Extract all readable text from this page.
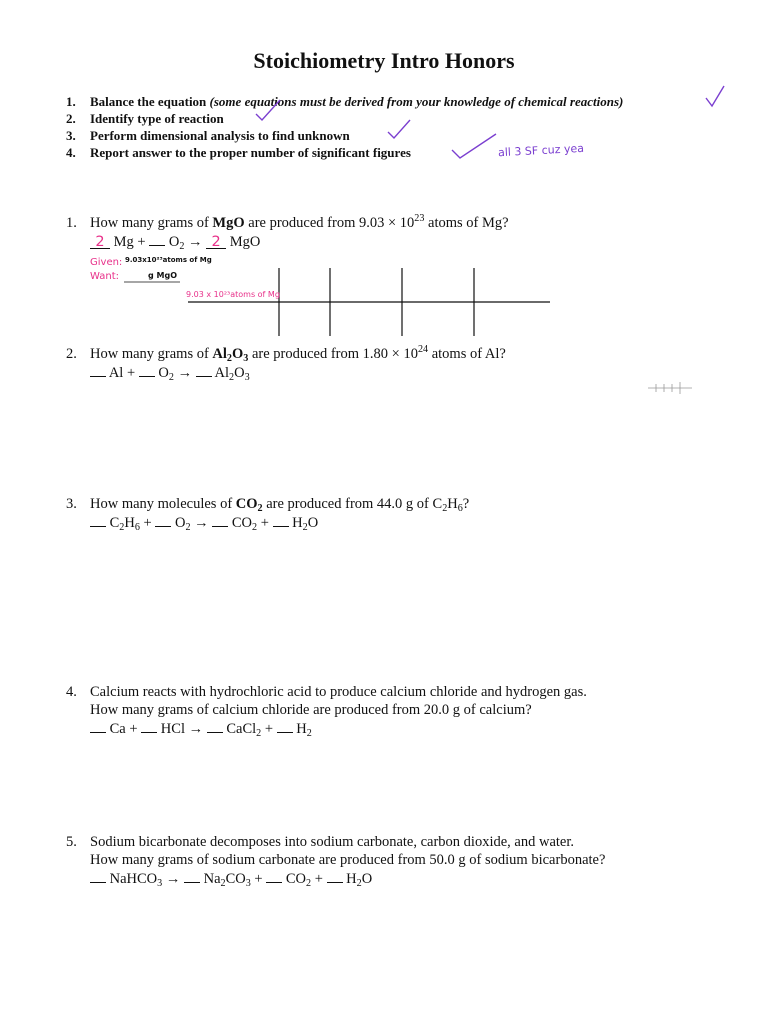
Stoichiometry Intro Honors
1. Balance the equation (some equations must be derived from your knowledge of chemical reactions)
2. Identify type of reaction
3. Perform dimensional analysis to find unknown
4. Report answer to the proper number of significant figures	all 3 SF cuz yea
1. How many grams of MgO are produced from $9.03 \times 10^{23}$ atoms of Mg?
2 $Mg + O_2 \to 2$ MgO
Given: 9.03x10²³atoms of Mg
Want:	g MgO
9.03 x 10²³atoms of Mg
2. How many grams of $Al_2O_3$ are produced from $1.80 \times 10^{24}$ atoms of Al?
$Al + O_2 \to Al_2O_3$
3. How many molecules of $CO_2$ are produced from 44.0 g of $C_2H_6$?
$C_2H_6 + O_2 \to CO_2 + H_2O$
4. Calcium reacts with hydrochloric acid to produce calcium chloride and hydrogen gas.
How many grams of calcium chloride are produced from 20.0 g of calcium?
Ca +  HCl →  CaCl$_2$ +  $H_2$
5. Sodium bicarbonate decomposes into sodium carbonate, carbon dioxide, and water.
How many grams of sodium carbonate are produced from 50.0 g of sodium bicarbonate?
NaHCO$_3$ →  $Na_2CO_3 + CO_2 + H_2O$
